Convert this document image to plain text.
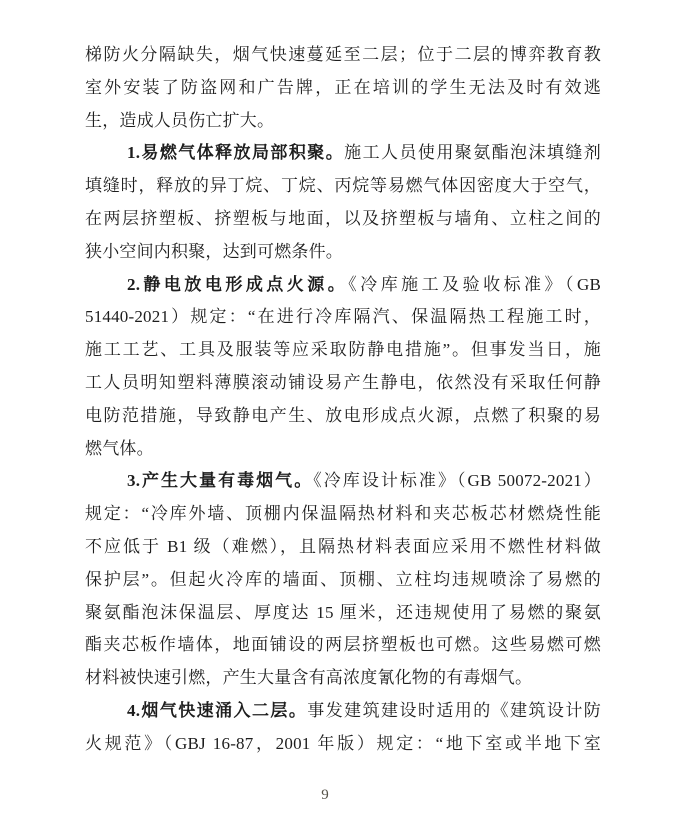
梯防火分隔缺失，烟气快速蔓延至二层；位于二层的博弈教育教
室外安装了防盗网和广告牌，正在培训的学生无法及时有效逃
生，造成人员伤亡扩大。
1.易燃气体释放局部积聚。施工人员使用聚氨酯泡沫填缝剂
填缝时，释放的异丁烷、丁烷、丙烷等易燃气体因密度大于空气，
在两层挤塑板、挤塑板与地面，以及挤塑板与墙角、立柱之间的
狭小空间内积聚，达到可燃条件。
2.静电放电形成点火源。《冷库施工及验收标准》（GB
51440-2021）规定：“在进行冷库隔汽、保温隔热工程施工时，
施工工艺、工具及服装等应采取防静电措施”。但事发当日，施
工人员明知塑料薄膜滚动铺设易产生静电，依然没有采取任何静
电防范措施，导致静电产生、放电形成点火源，点燃了积聚的易
燃气体。
3.产生大量有毒烟气。《冷库设计标准》（GB 50072-2021）
规定：“冷库外墙、顶棚内保温隔热材料和夹芯板芯材燃烧性能
不应低于 B1 级（难燃），且隔热材料表面应采用不燃性材料做
保护层”。但起火冷库的墙面、顶棚、立柱均违规喷涂了易燃的
聚氨酯泡沫保温层、厚度达 15 厘米，还违规使用了易燃的聚氨
酯夹芯板作墙体，地面铺设的两层挤塑板也可燃。这些易燃可燃
材料被快速引燃，产生大量含有高浓度氰化物的有毒烟气。
4.烟气快速涌入二层。事发建筑建设时适用的《建筑设计防
火规范》（GBJ 16-87，2001 年版）规定：“地下室或半地下室
9
